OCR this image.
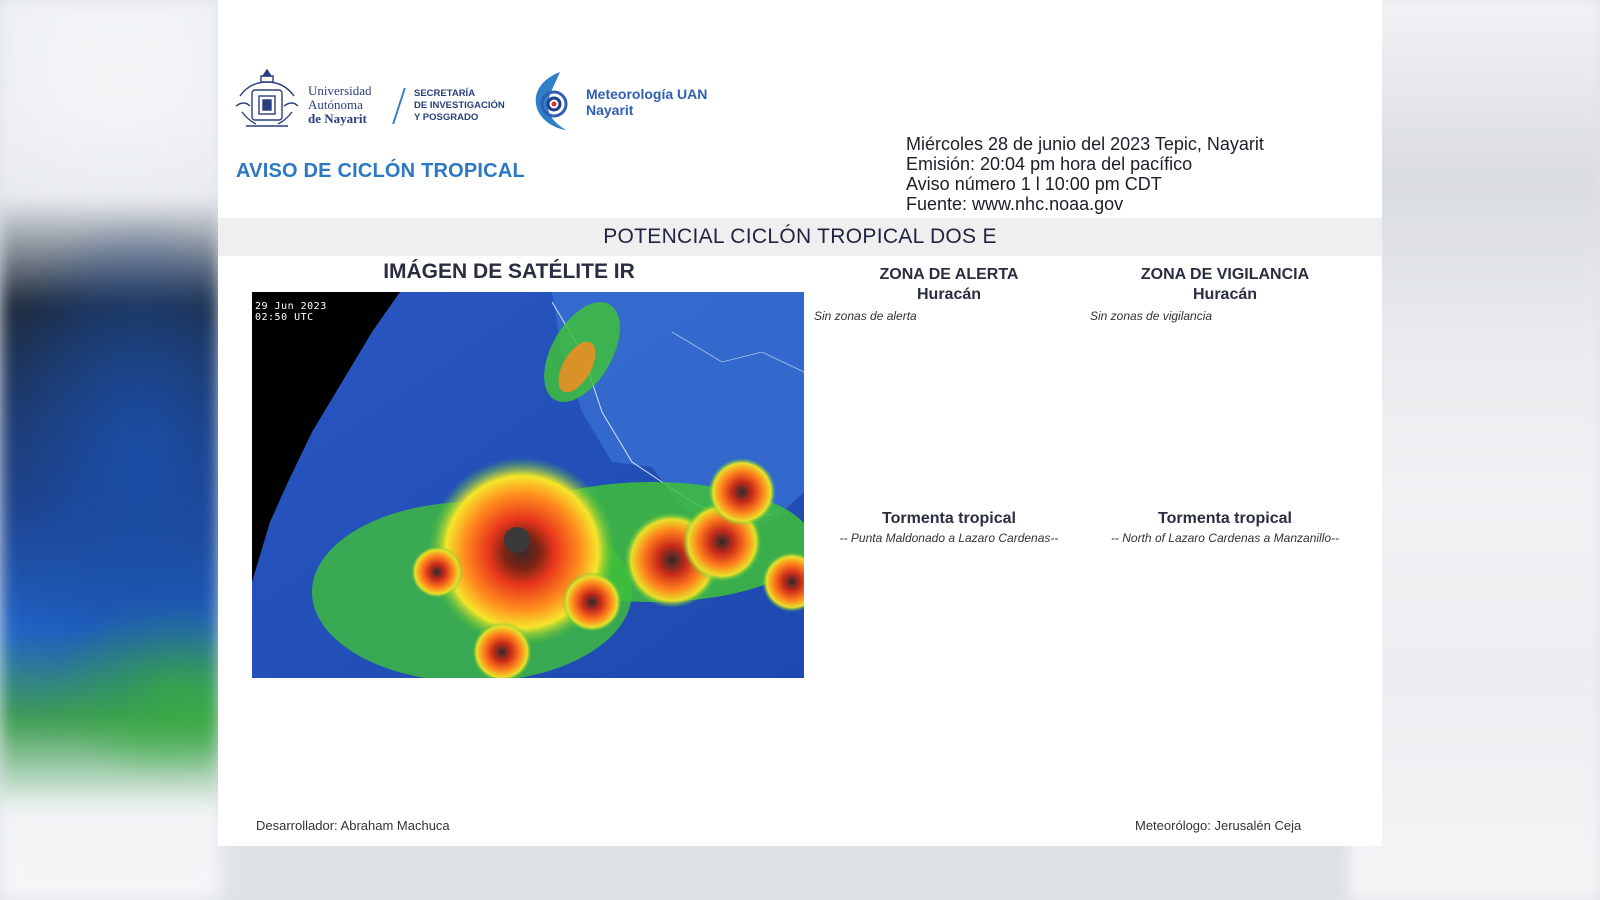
Universidad
Autónoma
de Nayarit
SECRETARÍA
DE INVESTIGACIÓN
Y POSGRADO
Meteorología UAN
Nayarit
AVISO DE CICLÓN TROPICAL
Miércoles 28 de junio del 2023 Tepic, Nayarit
Emisión: 20:04 pm hora del pacífico
Aviso número 1 l 10:00 pm CDT
Fuente: www.nhc.noaa.gov
POTENCIAL CICLÓN TROPICAL DOS E
IMÁGEN DE SATÉLITE IR
29 Jun 2023
02:50 UTC
ZONA DE ALERTA
Huracán
Sin zonas de alerta
Tormenta tropical
-- Punta Maldonado a Lazaro Cardenas--
ZONA DE VIGILANCIA
Huracán
Sin zonas de vigilancia
Tormenta tropical
-- North of Lazaro Cardenas a Manzanillo--
Desarrollador: Abraham Machuca	Meteorólogo: Jerusalén Ceja
